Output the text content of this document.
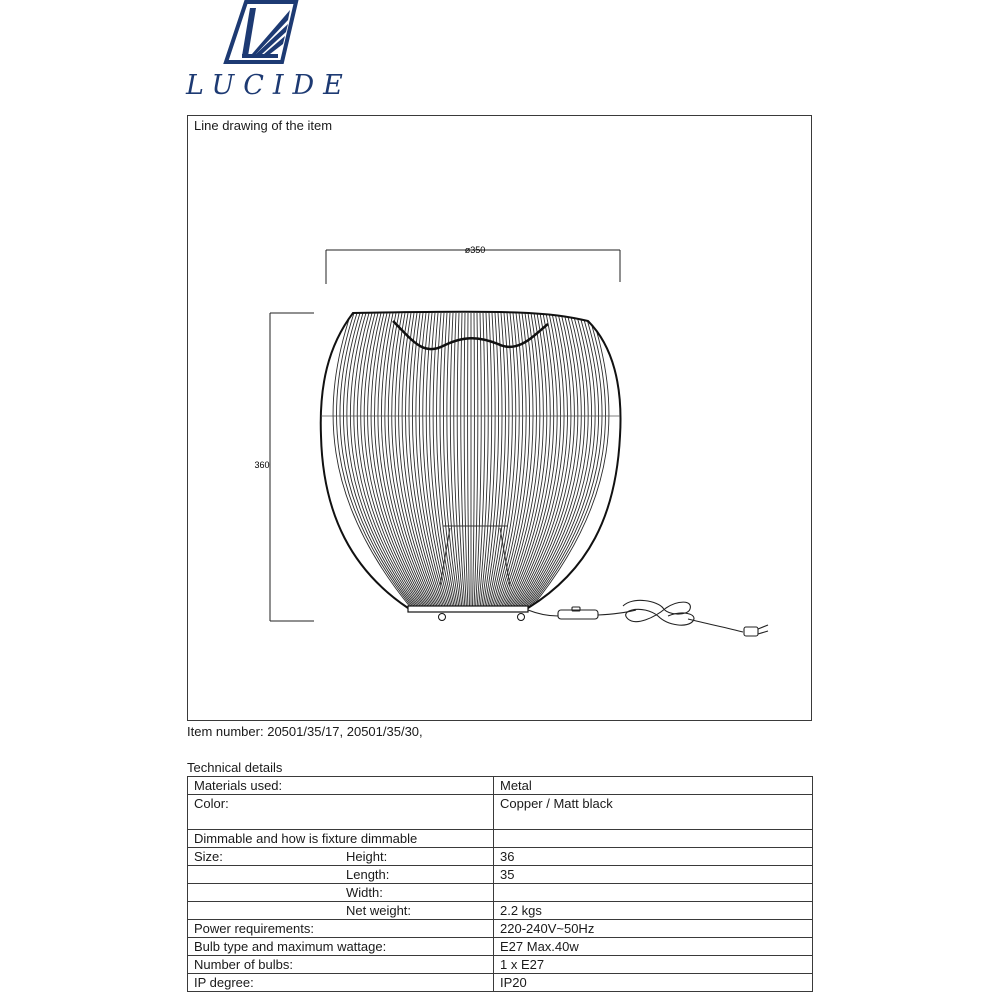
LUCIDE
Line drawing of the item
ø350
360
Item number: 20501/35/17, 20501/35/30,
Technical details
Materials used:	Metal
Color:	Copper / Matt black
Dimmable and how is fixture dimmable	
Size: Height:	36
Length:	35
Width:	
Net weight:	2.2 kgs
Power requirements:	220-240V~50Hz
Bulb type and maximum wattage:	E27 Max.40w
Number of bulbs:	1 x E27
IP degree:	IP20
